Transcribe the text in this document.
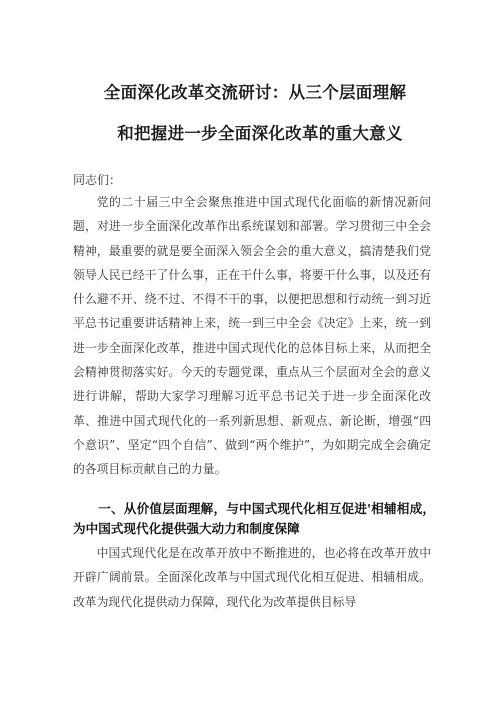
全面深化改革交流研讨：从三个层面理解
和把握进一步全面深化改革的重大意义
同志们：

党的二十届三中全会聚焦推进中国式现代化面临的新情况新问题，对进一步全面深化改革作出系统谋划和部署。学习贯彻三中全会精神，最重要的就是要全面深入领会全会的重大意义，搞清楚我们党领导人民已经干了什么事，正在干什么事，将要干什么事，以及还有什么避不开、绕不过、不得不干的事，以便把思想和行动统一到习近平总书记重要讲话精神上来，统一到三中全会《决定》上来，统一到进一步全面深化改革，推进中国式现代化的总体目标上来，从而把全会精神贯彻落实好。今天的专题党课，重点从三个层面对全会的意义进行讲解，帮助大家学习理解习近平总书记关于进一步全面深化改革、推进中国式现代化的一系列新思想、新观点、新论断，增强“四个意识”、坚定“四个自信”、做到“两个维护”，为如期完成全会确定的各项目标贡献自己的力量。

一、从价值层面理解，与中国式现代化相互促进'相辅相成，为中国式现代化提供强大动力和制度保障

中国式现代化是在改革开放中不断推进的，也必将在改革开放中开辟广阔前景。全面深化改革与中国式现代化相互促进、相辅相成。改革为现代化提供动力保障，现代化为改革提供目标导
